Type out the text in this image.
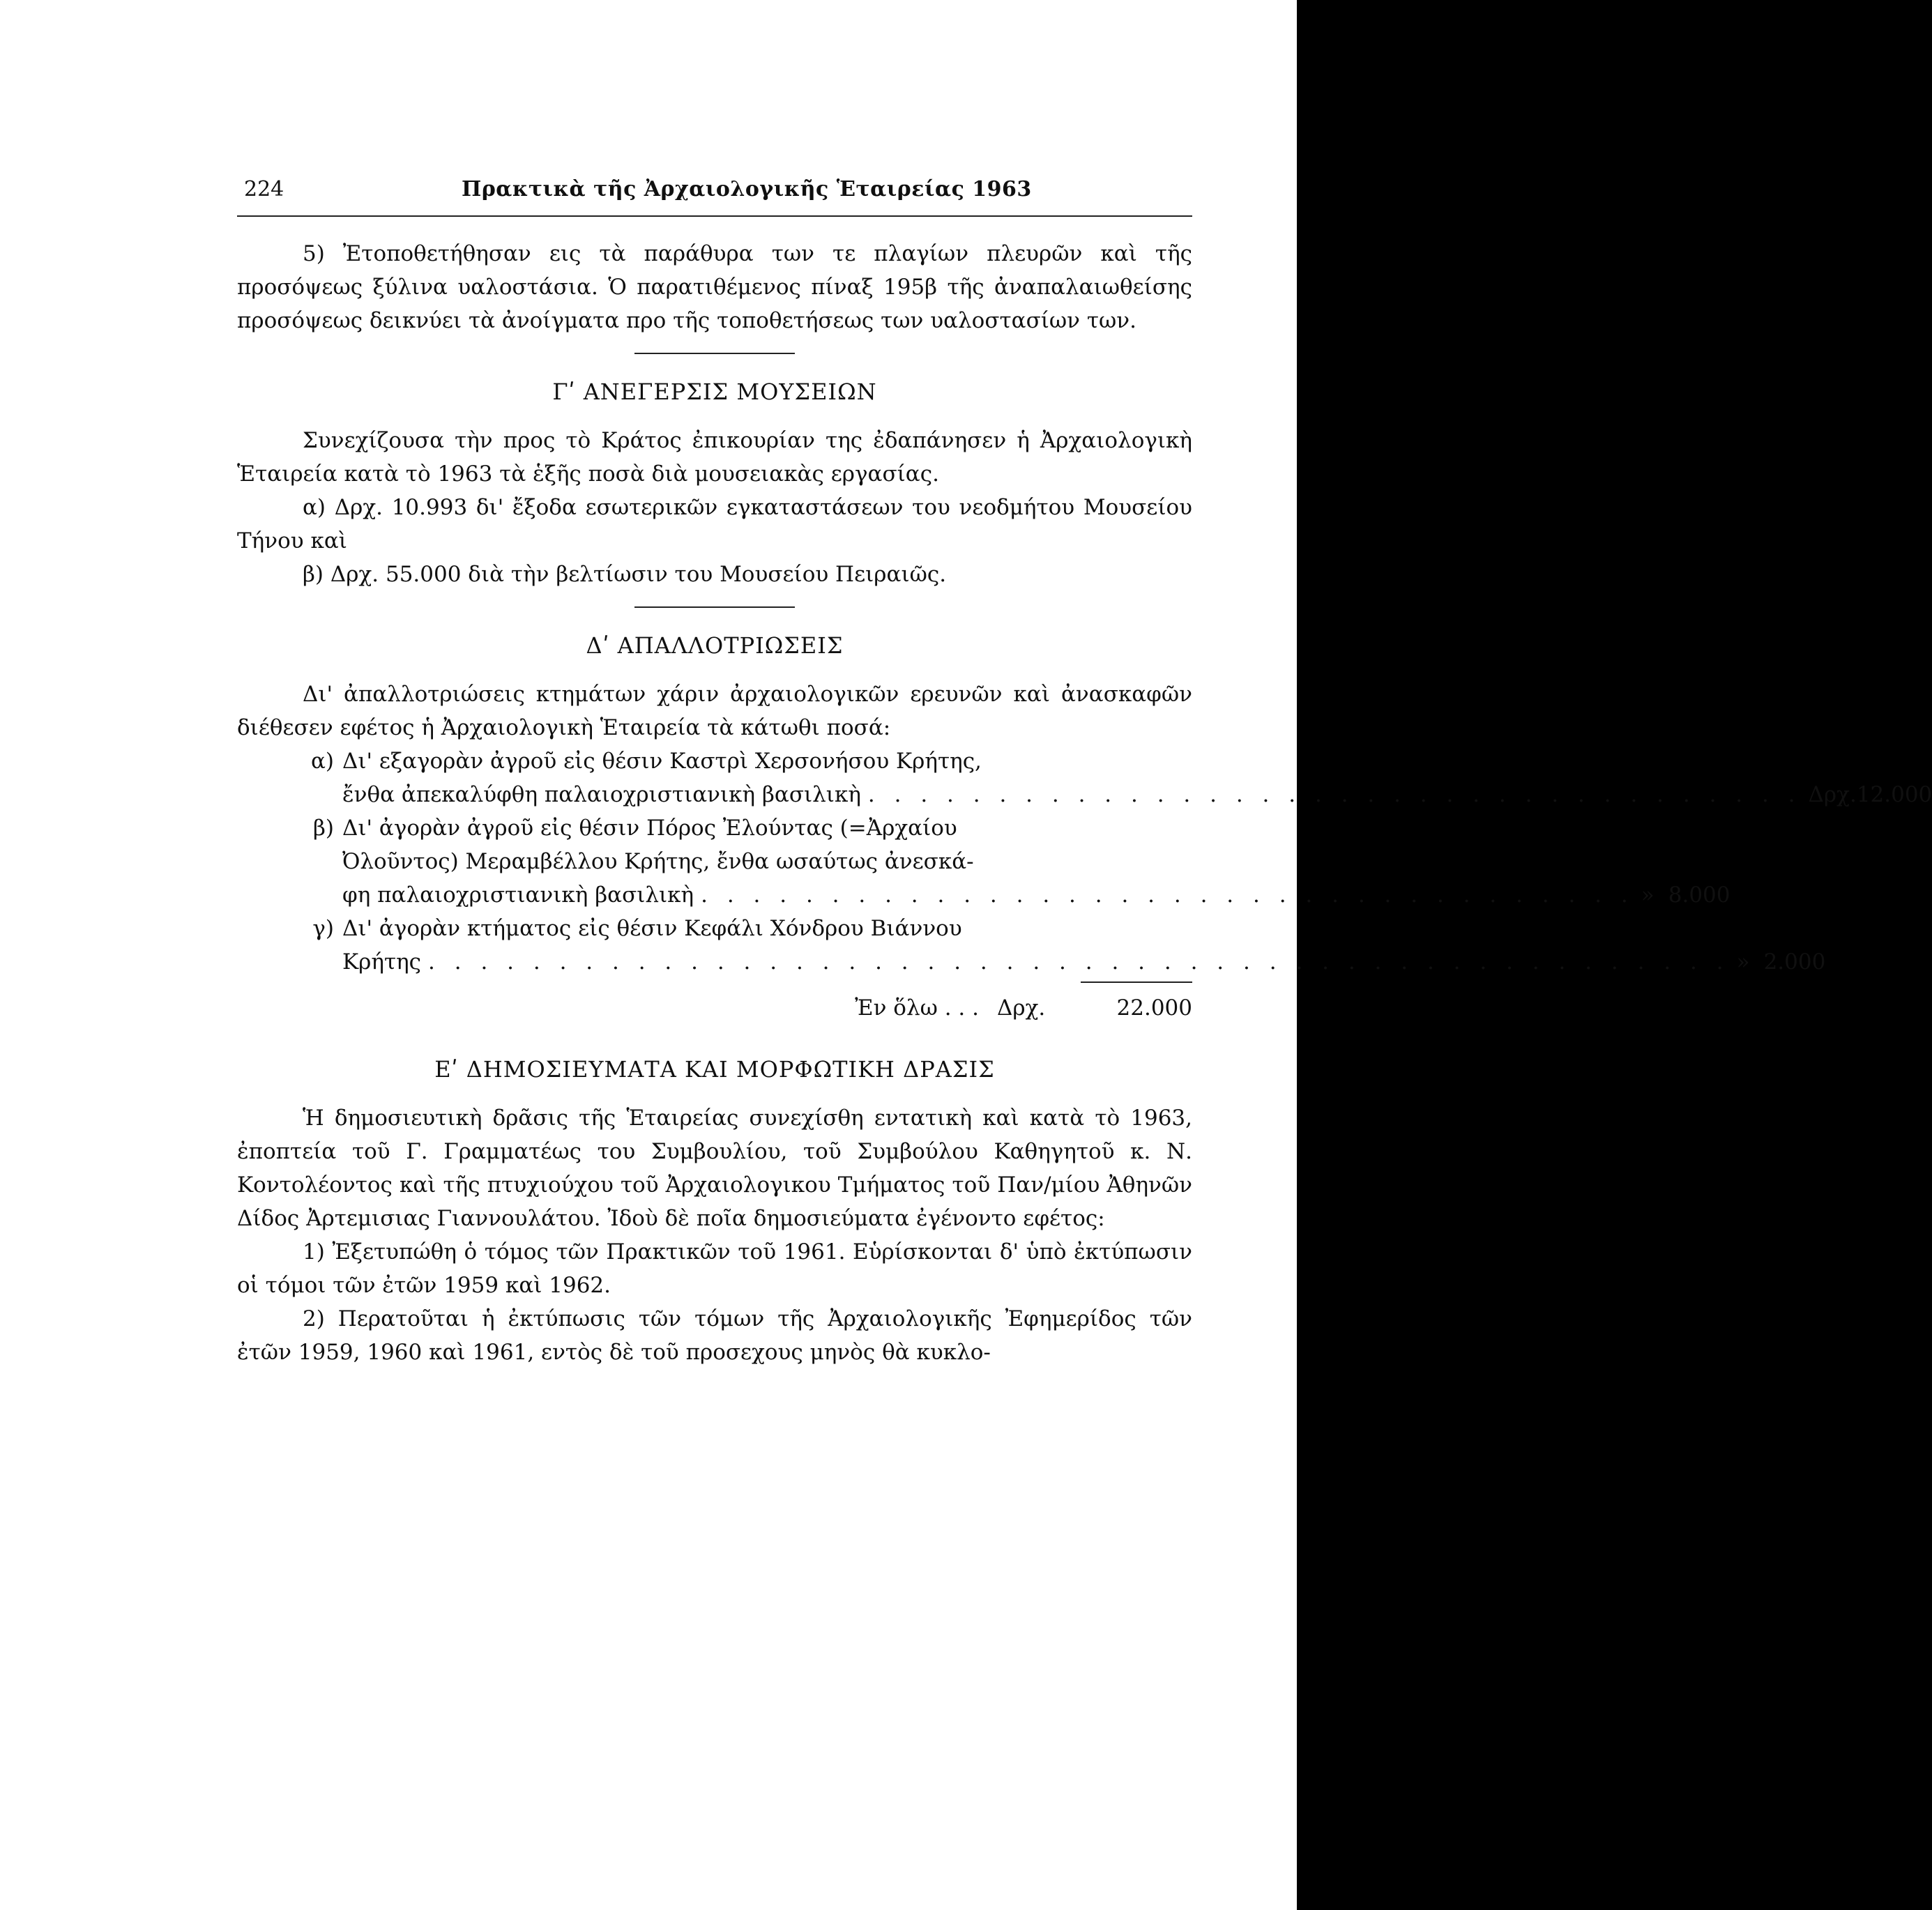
224	Πρακτικὰ τῆς Ἀρχαιολογικῆς Ἑταιρείας 1963

5) Ἐτοποθετήθησαν εις τὰ παράθυρα των τε πλαγίων πλευρῶν καὶ τῆς προσόψεως ξύλινα υαλοστάσια. Ὁ παρατιθέμενος πίναξ 195β τῆς ἀναπαλαιωθείσης προσόψεως δεικνύει τὰ ἀνοίγματα προ τῆς τοποθετήσεως των υαλοστασίων των.

Γʹ ΑΝΕΓΕΡΣΙΣ ΜΟΥΣΕΙΩΝ

Συνεχίζουσα τὴν προς τὸ Κράτος ἐπικουρίαν της ἐδαπάνησεν ἡ Ἀρχαιολογικὴ Ἑταιρεία κατὰ τὸ 1963 τὰ ἑξῆς ποσὰ διὰ μουσειακὰς εργασίας.

α) Δρχ. 10.993 δι' ἔξοδα εσωτερικῶν εγκαταστάσεων του νεοδμήτου Μουσείου Τήνου καὶ

β) Δρχ. 55.000 διὰ τὴν βελτίωσιν του Μουσείου Πειραιῶς.

Δʹ ΑΠΑΛΛΟΤΡΙΩΣΕΙΣ

Δι' ἀπαλλοτριώσεις κτημάτων χάριν ἀρχαιολογικῶν ερευνῶν καὶ ἀνασκαφῶν διέθεσεν εφέτος ἡ Ἀρχαιολογικὴ Ἑταιρεία τὰ κάτωθι ποσά:

α) Δι' εξαγορὰν ἀγροῦ εἰς θέσιν Καστρὶ Χερσονήσου Κρήτης,
ἔνθα ἀπεκαλύφθη παλαιοχριστιανικὴ βασιλικὴ . . . . . . . . . . . . . . . . . . . . . . . . . . . . . . . . . . . . Δρχ. 12.000
β) Δι' ἀγορὰν ἀγροῦ εἰς θέσιν Πόρος Ἐλούντας (=Ἀρχαίου
Ὀλοῦντος) Μεραμβέλλου Κρήτης, ἔνθα ωσαύτως ἀνεσκά-
φη παλαιοχριστιανικὴ βασιλικὴ . . . . . . . . . . . . . . . . . . . . . . . . . . . . . . . . . . . . » 8.000
γ) Δι' ἀγορὰν κτήματος εἰς θέσιν Κεφάλι Χόνδρου Βιάννου
Κρήτης . . . . . . . . . . . . . . . . . . . . . . . . . . . . . . . . . . . . . . . . . . . . . . . . . . » 2.000
Ἐν ὅλω . . . Δρχ.	22.000
Εʹ ΔΗΜΟΣΙΕΥΜΑΤΑ ΚΑΙ ΜΟΡΦΩΤΙΚΗ ΔΡΑΣΙΣ

Ἡ δημοσιευτικὴ δρᾶσις τῆς Ἑταιρείας συνεχίσθη εντατικὴ καὶ κατὰ τὸ 1963, ἐποπτεία τοῦ Γ. Γραμματέως του Συμβουλίου, τοῦ Συμβούλου Καθηγητοῦ κ. Ν. Κοντολέοντος καὶ τῆς πτυχιούχου τοῦ Ἀρχαιολογικου Τμήματος τοῦ Παν/μίου Ἀθηνῶν Δίδος Ἀρτεμισιας Γιαννουλάτου. Ἰδοὺ δὲ ποῖα δημοσιεύματα ἐγένοντο εφέτος:

1) Ἐξετυπώθη ὁ τόμος τῶν Πρακτικῶν τοῦ 1961. Εὑρίσκονται δ' ὑπὸ ἐκτύπωσιν οἱ τόμοι τῶν ἐτῶν 1959 καὶ 1962.

2) Περατοῦται ἡ ἐκτύπωσις τῶν τόμων τῆς Ἀρχαιολογικῆς Ἐφημερίδος τῶν ἐτῶν 1959, 1960 καὶ 1961, εντὸς δὲ τοῦ προσεχους μηνὸς θὰ κυκλο-
